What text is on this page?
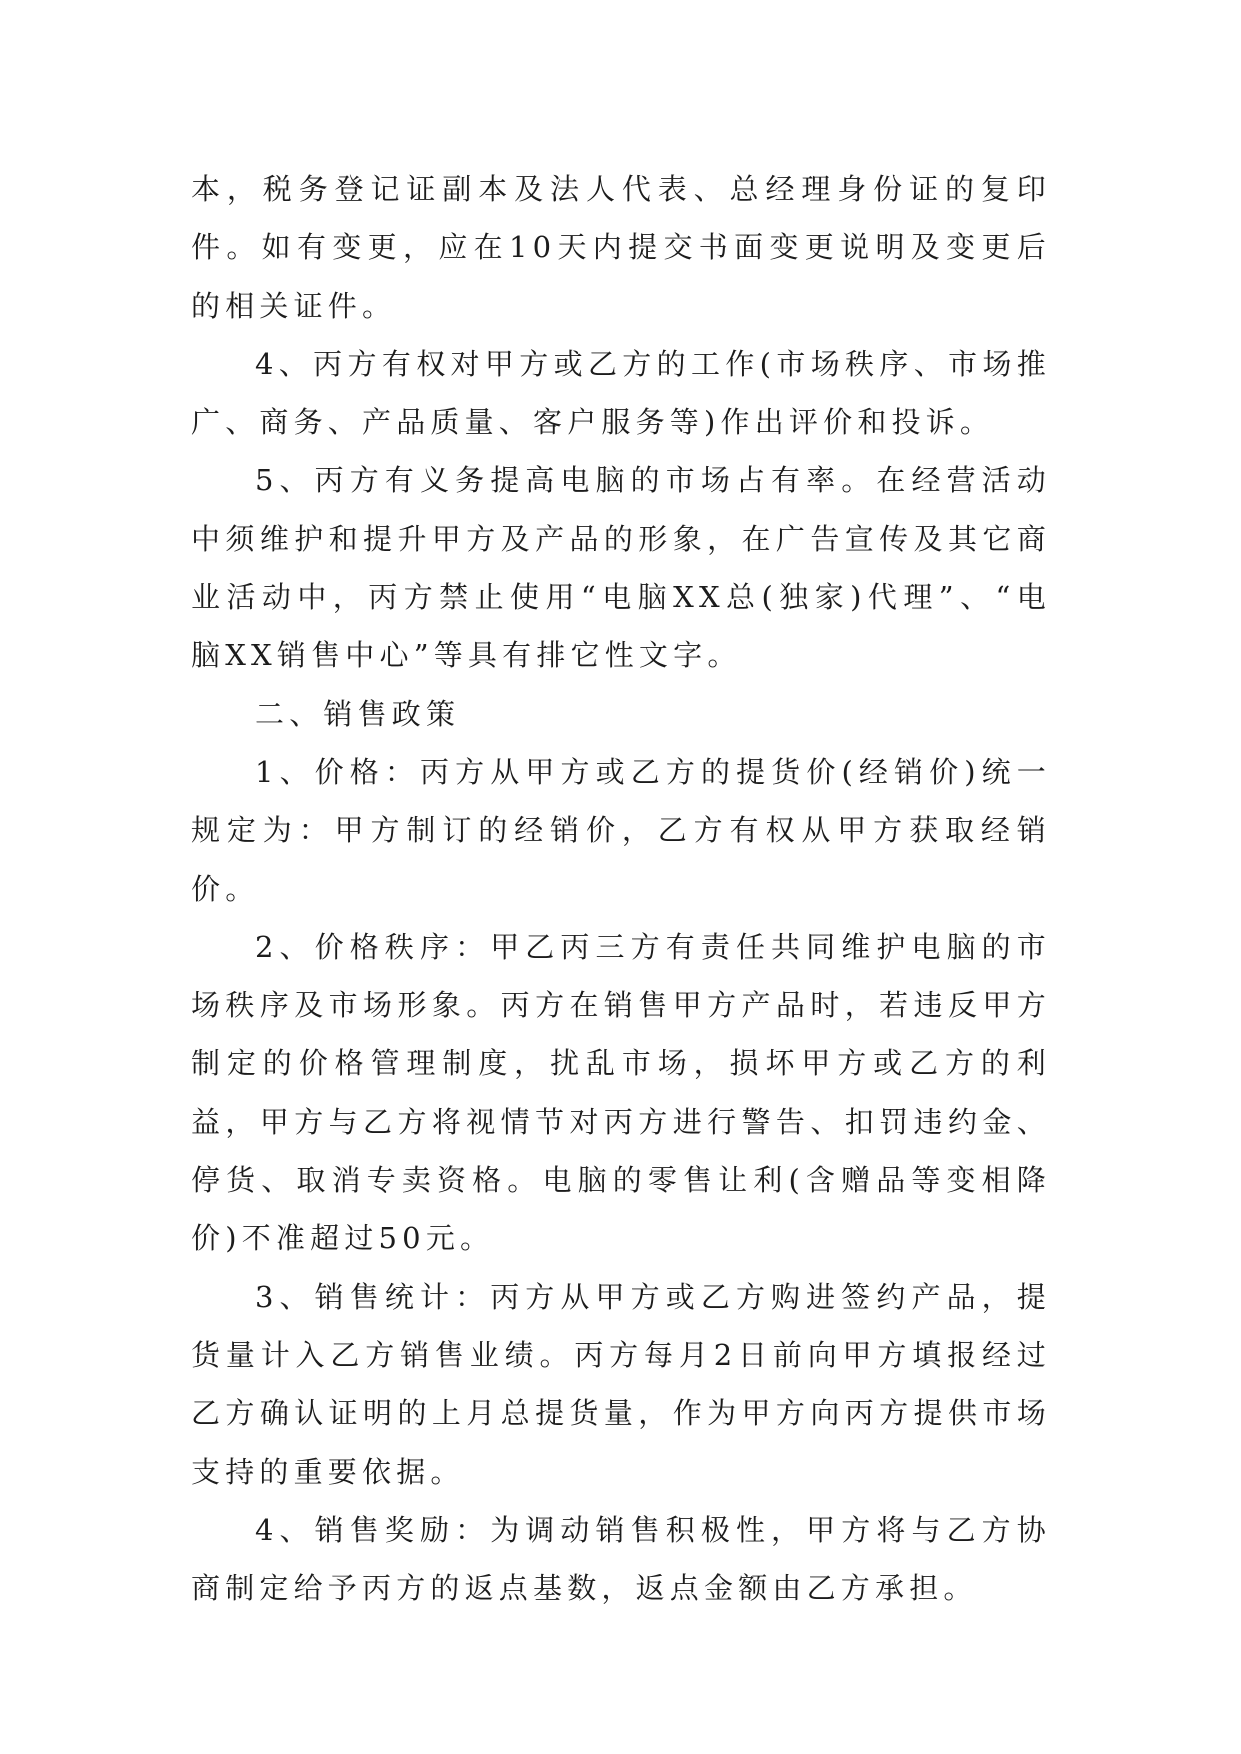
本，税务登记证副本及法人代表、总经理身份证的复印件。如有变更，应在10天内提交书面变更说明及变更后的相关证件。

4、丙方有权对甲方或乙方的工作(市场秩序、市场推广、商务、产品质量、客户服务等)作出评价和投诉。

5、丙方有义务提高电脑的市场占有率。在经营活动中须维护和提升甲方及产品的形象，在广告宣传及其它商业活动中，丙方禁止使用“电脑XX总(独家)代理”、“电脑XX销售中心”等具有排它性文字。

二、销售政策

1、价格：丙方从甲方或乙方的提货价(经销价)统一规定为：甲方制订的经销价，乙方有权从甲方获取经销价。

2、价格秩序：甲乙丙三方有责任共同维护电脑的市场秩序及市场形象。丙方在销售甲方产品时，若违反甲方制定的价格管理制度，扰乱市场，损坏甲方或乙方的利益，甲方与乙方将视情节对丙方进行警告、扣罚违约金、停货、取消专卖资格。电脑的零售让利(含赠品等变相降价)不准超过50元。

3、销售统计：丙方从甲方或乙方购进签约产品，提货量计入乙方销售业绩。丙方每月2日前向甲方填报经过乙方确认证明的上月总提货量，作为甲方向丙方提供市场支持的重要依据。

4、销售奖励：为调动销售积极性，甲方将与乙方协商制定给予丙方的返点基数，返点金额由乙方承担。
